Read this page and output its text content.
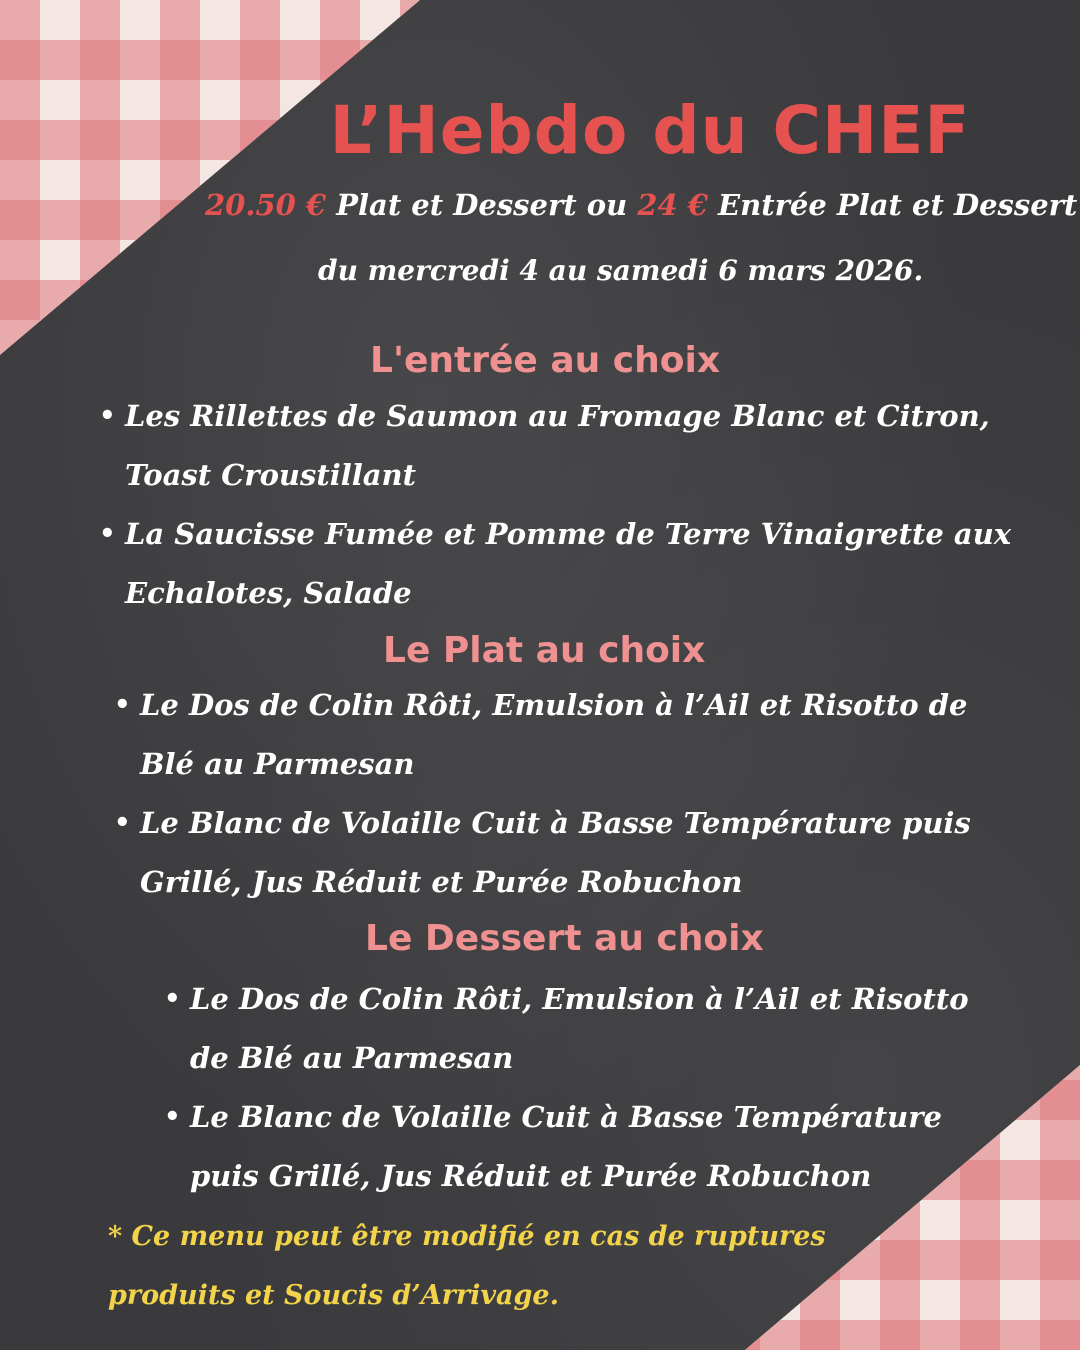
L’Hebdo du CHEF

20.50 € Plat et Dessert ou 24 € Entrée Plat et Dessert

du mercredi 4 au samedi 6 mars 2026.

L'entrée au choix
• Les Rillettes de Saumon au Fromage Blanc et Citron, Toast Croustillant
• La Saucisse Fumée et Pomme de Terre Vinaigrette aux Echalotes, Salade
Le Plat au choix
• Le Dos de Colin Rôti, Emulsion à l’Ail et Risotto de Blé au Parmesan
• Le Blanc de Volaille Cuit à Basse Température puis Grillé, Jus Réduit et Purée Robuchon
Le Dessert au choix
• Le Dos de Colin Rôti, Emulsion à l’Ail et Risotto de Blé au Parmesan
• Le Blanc de Volaille Cuit à Basse Température puis Grillé, Jus Réduit et Purée Robuchon

* Ce menu peut être modifié en cas de ruptures produits et Soucis d’Arrivage.
